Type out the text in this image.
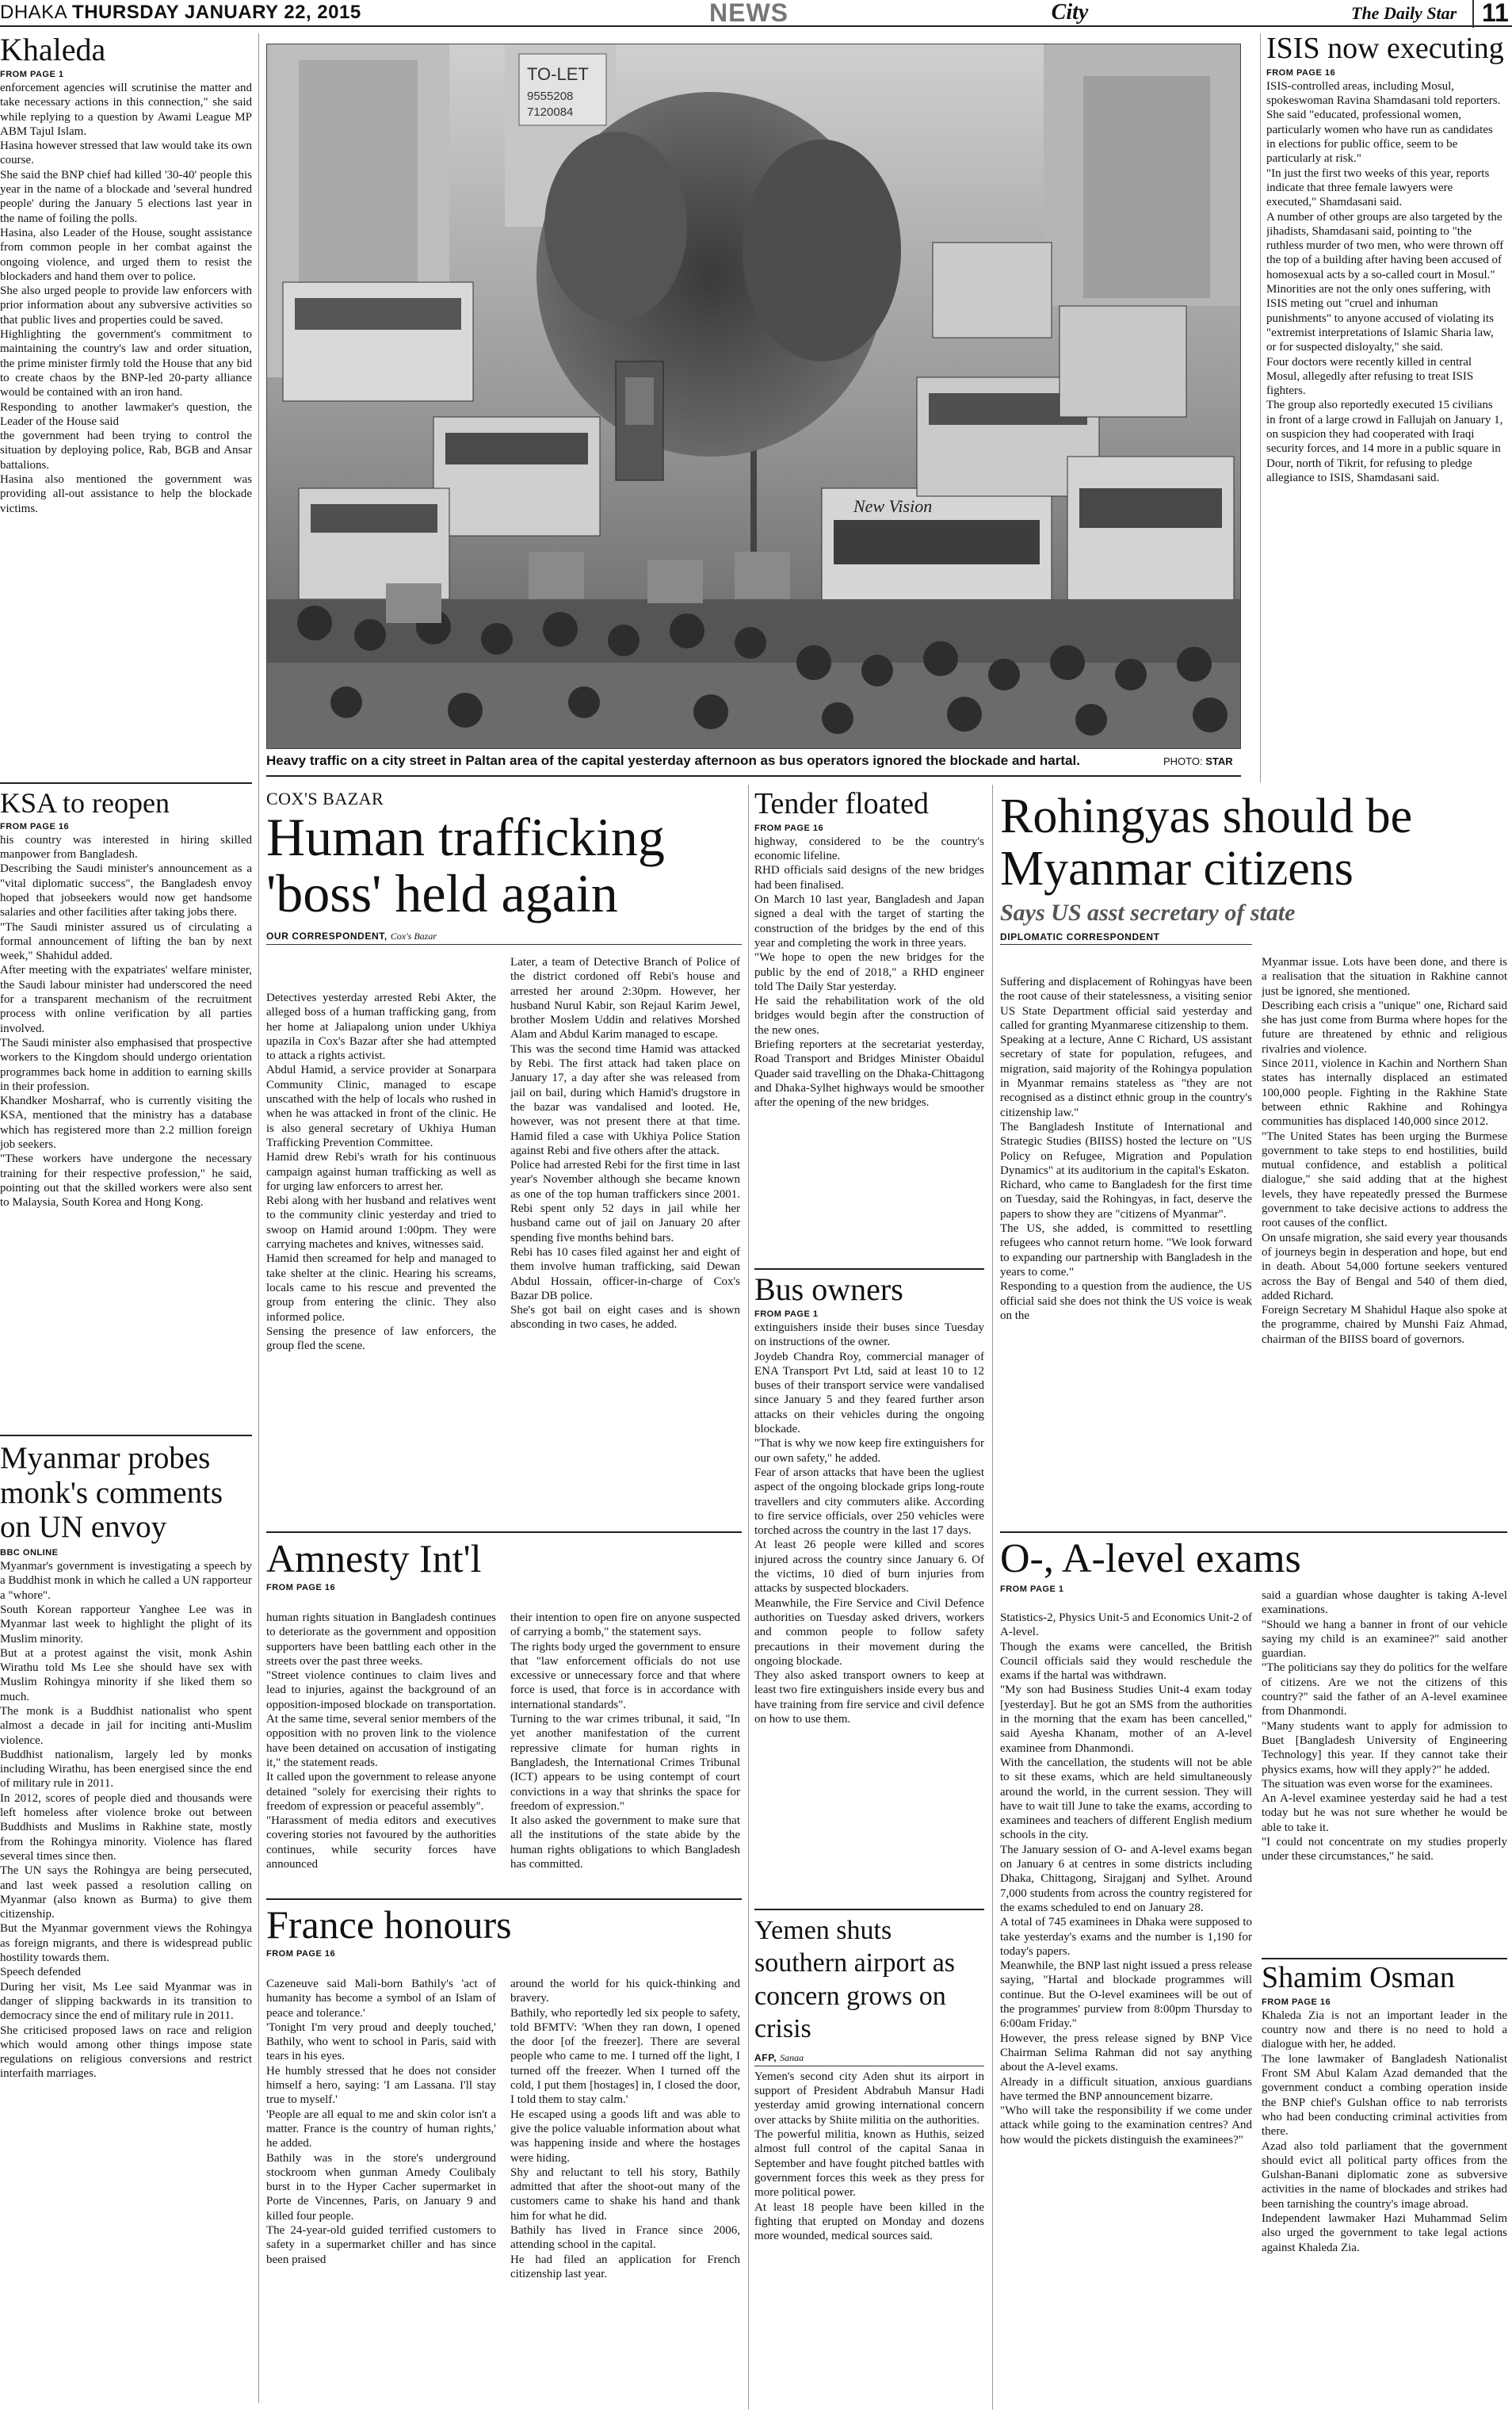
DHAKA THURSDAY JANUARY 22, 2015	NEWS	City	The Daily Star 11
Khaleda
FROM PAGE 1
enforcement agencies will scrutinise the matter and take necessary actions in this connection," she said while replying to a question by Awami League MP ABM Tajul Islam.
Hasina however stressed that law would take its own course.
She said the BNP chief had killed '30-40' people this year in the name of a blockade and 'several hundred people' during the January 5 elections last year in the name of foiling the polls.
Hasina, also Leader of the House, sought assistance from common people in her combat against the ongoing violence, and urged them to resist the blockaders and hand them over to police.
She also urged people to provide law enforcers with prior information about any subversive activities so that public lives and properties could be saved.
Highlighting the government's commitment to maintaining the country's law and order situation, the prime minister firmly told the House that any bid to create chaos by the BNP-led 20-party alliance would be contained with an iron hand.
Responding to another lawmaker's question, the Leader of the House said
the government had been trying to control the situation by deploying police, Rab, BGB and Ansar battalions.
Hasina also mentioned the government was providing all-out assistance to help the blockade victims.
KSA to reopen
FROM PAGE 16
his country was interested in hiring skilled manpower from Bangladesh.
Describing the Saudi minister's announcement as a "vital diplomatic success", the Bangladesh envoy hoped that jobseekers would now get handsome salaries and other facilities after taking jobs there.
"The Saudi minister assured us of circulating a formal announcement of lifting the ban by next week," Shahidul added.
After meeting with the expatriates' welfare minister, the Saudi labour minister had underscored the need for a transparent mechanism of the recruitment process with online verification by all parties involved.
The Saudi minister also emphasised that prospective workers to the Kingdom should undergo orientation programmes back home in addition to earning skills in their profession.
Khandker Mosharraf, who is currently visiting the KSA, mentioned that the ministry has a database which has registered more than 2.2 million foreign job seekers.
"These workers have undergone the necessary training for their respective profession," he said, pointing out that the skilled workers were also sent to Malaysia, South Korea and Hong Kong.
Myanmar probes monk's comments on UN envoy
BBC ONLINE
Myanmar's government is investigating a speech by a Buddhist monk in which he called a UN rapporteur a "whore".
South Korean rapporteur Yanghee Lee was in Myanmar last week to highlight the plight of its Muslim minority.
But at a protest against the visit, monk Ashin Wirathu told Ms Lee she should have sex with Muslim Rohingya minority if she liked them so much.
The monk is a Buddhist nationalist who spent almost a decade in jail for inciting anti-Muslim violence.
Buddhist nationalism, largely led by monks including Wirathu, has been energised since the end of military rule in 2011.
In 2012, scores of people died and thousands were left homeless after violence broke out between Buddhists and Muslims in Rakhine state, mostly from the Rohingya minority. Violence has flared several times since then.
The UN says the Rohingya are being persecuted, and last week passed a resolution calling on Myanmar (also known as Burma) to give them citizenship.
But the Myanmar government views the Rohingya as foreign migrants, and there is widespread public hostility towards them.
Speech defended
During her visit, Ms Lee said Myanmar was in danger of slipping backwards in its transition to democracy since the end of military rule in 2011.
She criticised proposed laws on race and religion which would among other things impose state regulations on religious conversions and restrict interfaith marriages.
TO-LET
9555208
7120084
New Vision
Heavy traffic on a city street in Paltan area of the capital yesterday afternoon as bus operators ignored the blockade and hartal.	PHOTO: STAR
ISIS now executing
FROM PAGE 16
ISIS-controlled areas, including Mosul, spokeswoman Ravina Shamdasani told reporters.
She said "educated, professional women, particularly women who have run as candidates in elections for public office, seem to be particularly at risk."
"In just the first two weeks of this year, reports indicate that three female lawyers were executed," Shamdasani said.
A number of other groups are also targeted by the jihadists, Shamdasani said, pointing to "the ruthless murder of two men, who were thrown off the top of a building after having been accused of homosexual acts by a so-called court in Mosul."
Minorities are not the only ones suffering, with ISIS meting out "cruel and inhuman punishments" to anyone accused of violating its "extremist interpretations of Islamic Sharia law, or for suspected disloyalty," she said.
Four doctors were recently killed in central Mosul, allegedly after refusing to treat ISIS fighters.
The group also reportedly executed 15 civilians in front of a large crowd in Fallujah on January 1, on suspicion they had cooperated with Iraqi security forces, and 14 more in a public square in Dour, north of Tikrit, for refusing to pledge allegiance to ISIS, Shamdasani said.
COX'S BAZAR
Human trafficking
'boss' held again
OUR CORRESPONDENT, Cox's Bazar
Detectives yesterday arrested Rebi Akter, the alleged boss of a human trafficking gang, from her home at Jaliapalong union under Ukhiya upazila in Cox's Bazar after she had attempted to attack a rights activist.
Abdul Hamid, a service provider at Sonarpara Community Clinic, managed to escape unscathed with the help of locals who rushed in when he was attacked in front of the clinic. He is also general secretary of Ukhiya Human Trafficking Prevention Committee.
Hamid drew Rebi's wrath for his continuous campaign against human trafficking as well as for urging law enforcers to arrest her.
Rebi along with her husband and relatives went to the community clinic yesterday and tried to swoop on Hamid around 1:00pm. They were carrying machetes and knives, witnesses said.
Hamid then screamed for help and managed to take shelter at the clinic. Hearing his screams, locals came to his rescue and prevented the group from entering the clinic. They also informed police.
Sensing the presence of law enforcers, the group fled the scene.
Later, a team of Detective Branch of Police of the district cordoned off Rebi's house and arrested her around 2:30pm. However, her husband Nurul Kabir, son Rejaul Karim Jewel, brother Moslem Uddin and relatives Morshed Alam and Abdul Karim managed to escape.
This was the second time Hamid was attacked by Rebi. The first attack had taken place on January 17, a day after she was released from jail on bail, during which Hamid's drugstore in the bazar was vandalised and looted. He, however, was not present there at that time. Hamid filed a case with Ukhiya Police Station against Rebi and five others after the attack.
Police had arrested Rebi for the first time in last year's November although she became known as one of the top human traffickers since 2001. Rebi spent only 52 days in jail while her husband came out of jail on January 20 after spending five months behind bars.
Rebi has 10 cases filed against her and eight of them involve human trafficking, said Dewan Abdul Hossain, officer-in-charge of Cox's Bazar DB police.
She's got bail on eight cases and is shown absconding in two cases, he added.
Amnesty Int'l
FROM PAGE 16
human rights situation in Bangladesh continues to deteriorate as the government and opposition supporters have been battling each other in the streets over the past three weeks.
"Street violence continues to claim lives and lead to injuries, against the background of an opposition-imposed blockade on transportation. At the same time, several senior members of the opposition with no proven link to the violence have been detained on accusation of instigating it," the statement reads.
It called upon the government to release anyone detained "solely for exercising their rights to freedom of expression or peaceful assembly".
"Harassment of media editors and executives covering stories not favoured by the authorities continues, while security forces have announced
their intention to open fire on anyone suspected of carrying a bomb," the statement says.
The rights body urged the government to ensure that "law enforcement officials do not use excessive or unnecessary force and that where force is used, that force is in accordance with international standards".
Turning to the war crimes tribunal, it said, "In yet another manifestation of the current repressive climate for human rights in Bangladesh, the International Crimes Tribunal (ICT) appears to be using contempt of court convictions in a way that shrinks the space for freedom of expression."
It also asked the government to make sure that all the institutions of the state abide by the human rights obligations to which Bangladesh has committed.
France honours
FROM PAGE 16
Cazeneuve said Mali-born Bathily's 'act of humanity has become a symbol of an Islam of peace and tolerance.'
'Tonight I'm very proud and deeply touched,' Bathily, who went to school in Paris, said with tears in his eyes.
He humbly stressed that he does not consider himself a hero, saying: 'I am Lassana. I'll stay true to myself.'
'People are all equal to me and skin color isn't a matter. France is the country of human rights,' he added.
Bathily was in the store's underground stockroom when gunman Amedy Coulibaly burst in to the Hyper Cacher supermarket in Porte de Vincennes, Paris, on January 9 and killed four people.
The 24-year-old guided terrified customers to safety in a supermarket chiller and has since been praised
around the world for his quick-thinking and bravery.
Bathily, who reportedly led six people to safety, told BFMTV: 'When they ran down, I opened the door [of the freezer]. There are several people who came to me. I turned off the light, I turned off the freezer. When I turned off the cold, I put them [hostages] in, I closed the door, I told them to stay calm.'
He escaped using a goods lift and was able to give the police valuable information about what was happening inside and where the hostages were hiding.
Shy and reluctant to tell his story, Bathily admitted that after the shoot-out many of the customers came to shake his hand and thank him for what he did.
Bathily has lived in France since 2006, attending school in the capital.
He had filed an application for French citizenship last year.
Tender floated
FROM PAGE 16
highway, considered to be the country's economic lifeline.
RHD officials said designs of the new bridges had been finalised.
On March 10 last year, Bangladesh and Japan signed a deal with the target of starting the construction of the bridges by the end of this year and completing the work in three years.
"We hope to open the new bridges for the public by the end of 2018," a RHD engineer told The Daily Star yesterday.
He said the rehabilitation work of the old bridges would begin after the construction of the new ones.
Briefing reporters at the secretariat yesterday, Road Transport and Bridges Minister Obaidul Quader said travelling on the Dhaka-Chittagong and Dhaka-Sylhet highways would be smoother after the opening of the new bridges.
Bus owners
FROM PAGE 1
extinguishers inside their buses since Tuesday on instructions of the owner.
Joydeb Chandra Roy, commercial manager of ENA Transport Pvt Ltd, said at least 10 to 12 buses of their transport service were vandalised since January 5 and they feared further arson attacks on their vehicles during the ongoing blockade.
"That is why we now keep fire extinguishers for our own safety," he added.
Fear of arson attacks that have been the ugliest aspect of the ongoing blockade grips long-route travellers and city commuters alike. According to fire service officials, over 250 vehicles were torched across the country in the last 17 days.
At least 26 people were killed and scores injured across the country since January 6. Of the victims, 10 died of burn injuries from attacks by suspected blockaders.
Meanwhile, the Fire Service and Civil Defence authorities on Tuesday asked drivers, workers and common people to follow safety precautions in their movement during the ongoing blockade.
They also asked transport owners to keep at least two fire extinguishers inside every bus and have training from fire service and civil defence on how to use them.
Yemen shuts southern airport as concern grows on crisis
AFP, Sanaa
Yemen's second city Aden shut its airport in support of President Abdrabuh Mansur Hadi yesterday amid growing international concern over attacks by Shiite militia on the authorities.
The powerful militia, known as Huthis, seized almost full control of the capital Sanaa in September and have fought pitched battles with government forces this week as they press for more political power.
At least 18 people have been killed in the fighting that erupted on Monday and dozens more wounded, medical sources said.
Rohingyas should be
Myanmar citizens
Says US asst secretary of state
DIPLOMATIC CORRESPONDENT
Suffering and displacement of Rohingyas have been the root cause of their statelessness, a visiting senior US State Department official said yesterday and called for granting Myanmarese citizenship to them.
Speaking at a lecture, Anne C Richard, US assistant secretary of state for population, refugees, and migration, said majority of the Rohingya population in Myanmar remains stateless as "they are not recognised as a distinct ethnic group in the country's citizenship law."
The Bangladesh Institute of International and Strategic Studies (BIISS) hosted the lecture on "US Policy on Refugee, Migration and Population Dynamics" at its auditorium in the capital's Eskaton.
Richard, who came to Bangladesh for the first time on Tuesday, said the Rohingyas, in fact, deserve the papers to show they are "citizens of Myanmar".
The US, she added, is committed to resettling refugees who cannot return home. "We look forward to expanding our partnership with Bangladesh in the years to come."
Responding to a question from the audience, the US official said she does not think the US voice is weak on the
Myanmar issue. Lots have been done, and there is a realisation that the situation in Rakhine cannot just be ignored, she mentioned.
Describing each crisis a "unique" one, Richard said she has just come from Burma where hopes for the future are threatened by ethnic and religious rivalries and violence.
Since 2011, violence in Kachin and Northern Shan states has internally displaced an estimated 100,000 people. Fighting in the Rakhine State between ethnic Rakhine and Rohingya communities has displaced 140,000 since 2012.
"The United States has been urging the Burmese government to take steps to end hostilities, build mutual confidence, and establish a political dialogue," she said adding that at the highest levels, they have repeatedly pressed the Burmese government to take decisive actions to address the root causes of the conflict.
On unsafe migration, she said every year thousands of journeys begin in desperation and hope, but end in death. About 54,000 fortune seekers ventured across the Bay of Bengal and 540 of them died, added Richard.
Foreign Secretary M Shahidul Haque also spoke at the programme, chaired by Munshi Faiz Ahmad, chairman of the BIISS board of governors.
O-, A-level exams
FROM PAGE 1
Statistics-2, Physics Unit-5 and Economics Unit-2 of A-level.
Though the exams were cancelled, the British Council officials said they would reschedule the exams if the hartal was withdrawn.
"My son had Business Studies Unit-4 exam today [yesterday]. But he got an SMS from the authorities in the morning that the exam has been cancelled," said Ayesha Khanam, mother of an A-level examinee from Dhanmondi.
With the cancellation, the students will not be able to sit these exams, which are held simultaneously around the world, in the current session. They will have to wait till June to take the exams, according to examinees and teachers of different English medium schools in the city.
The January session of O- and A-level exams began on January 6 at centres in some districts including Dhaka, Chittagong, Sirajganj and Sylhet. Around 7,000 students from across the country registered for the exams scheduled to end on January 28.
A total of 745 examinees in Dhaka were supposed to take yesterday's exams and the number is 1,190 for today's papers.
Meanwhile, the BNP last night issued a press release saying, "Hartal and blockade programmes will continue. But the O-level examinees will be out of the programmes' purview from 8:00pm Thursday to 6:00am Friday."
However, the press release signed by BNP Vice Chairman Selima Rahman did not say anything about the A-level exams.
Already in a difficult situation, anxious guardians have termed the BNP announcement bizarre.
"Who will take the responsibility if we come under attack while going to the examination centres? And how would the pickets distinguish the examinees?"
said a guardian whose daughter is taking A-level examinations.
"Should we hang a banner in front of our vehicle saying my child is an examinee?" said another guardian.
"The politicians say they do politics for the welfare of citizens. Are we not the citizens of this country?" said the father of an A-level examinee from Dhanmondi.
"Many students want to apply for admission to Buet [Bangladesh University of Engineering Technology] this year. If they cannot take their physics exams, how will they apply?" he added.
The situation was even worse for the examinees.
An A-level examinee yesterday said he had a test today but he was not sure whether he would be able to take it.
"I could not concentrate on my studies properly under these circumstances," he said.
Shamim Osman
FROM PAGE 16
Khaleda Zia is not an important leader in the country now and there is no need to hold a dialogue with her, he added.
The lone lawmaker of Bangladesh Nationalist Front SM Abul Kalam Azad demanded that the government conduct a combing operation inside the BNP chief's Gulshan office to nab terrorists who had been conducting criminal activities from there.
Azad also told parliament that the government should evict all political party offices from the Gulshan-Banani diplomatic zone as subversive activities in the name of blockades and strikes had been tarnishing the country's image abroad.
Independent lawmaker Hazi Muhammad Selim also urged the government to take legal actions against Khaleda Zia.
